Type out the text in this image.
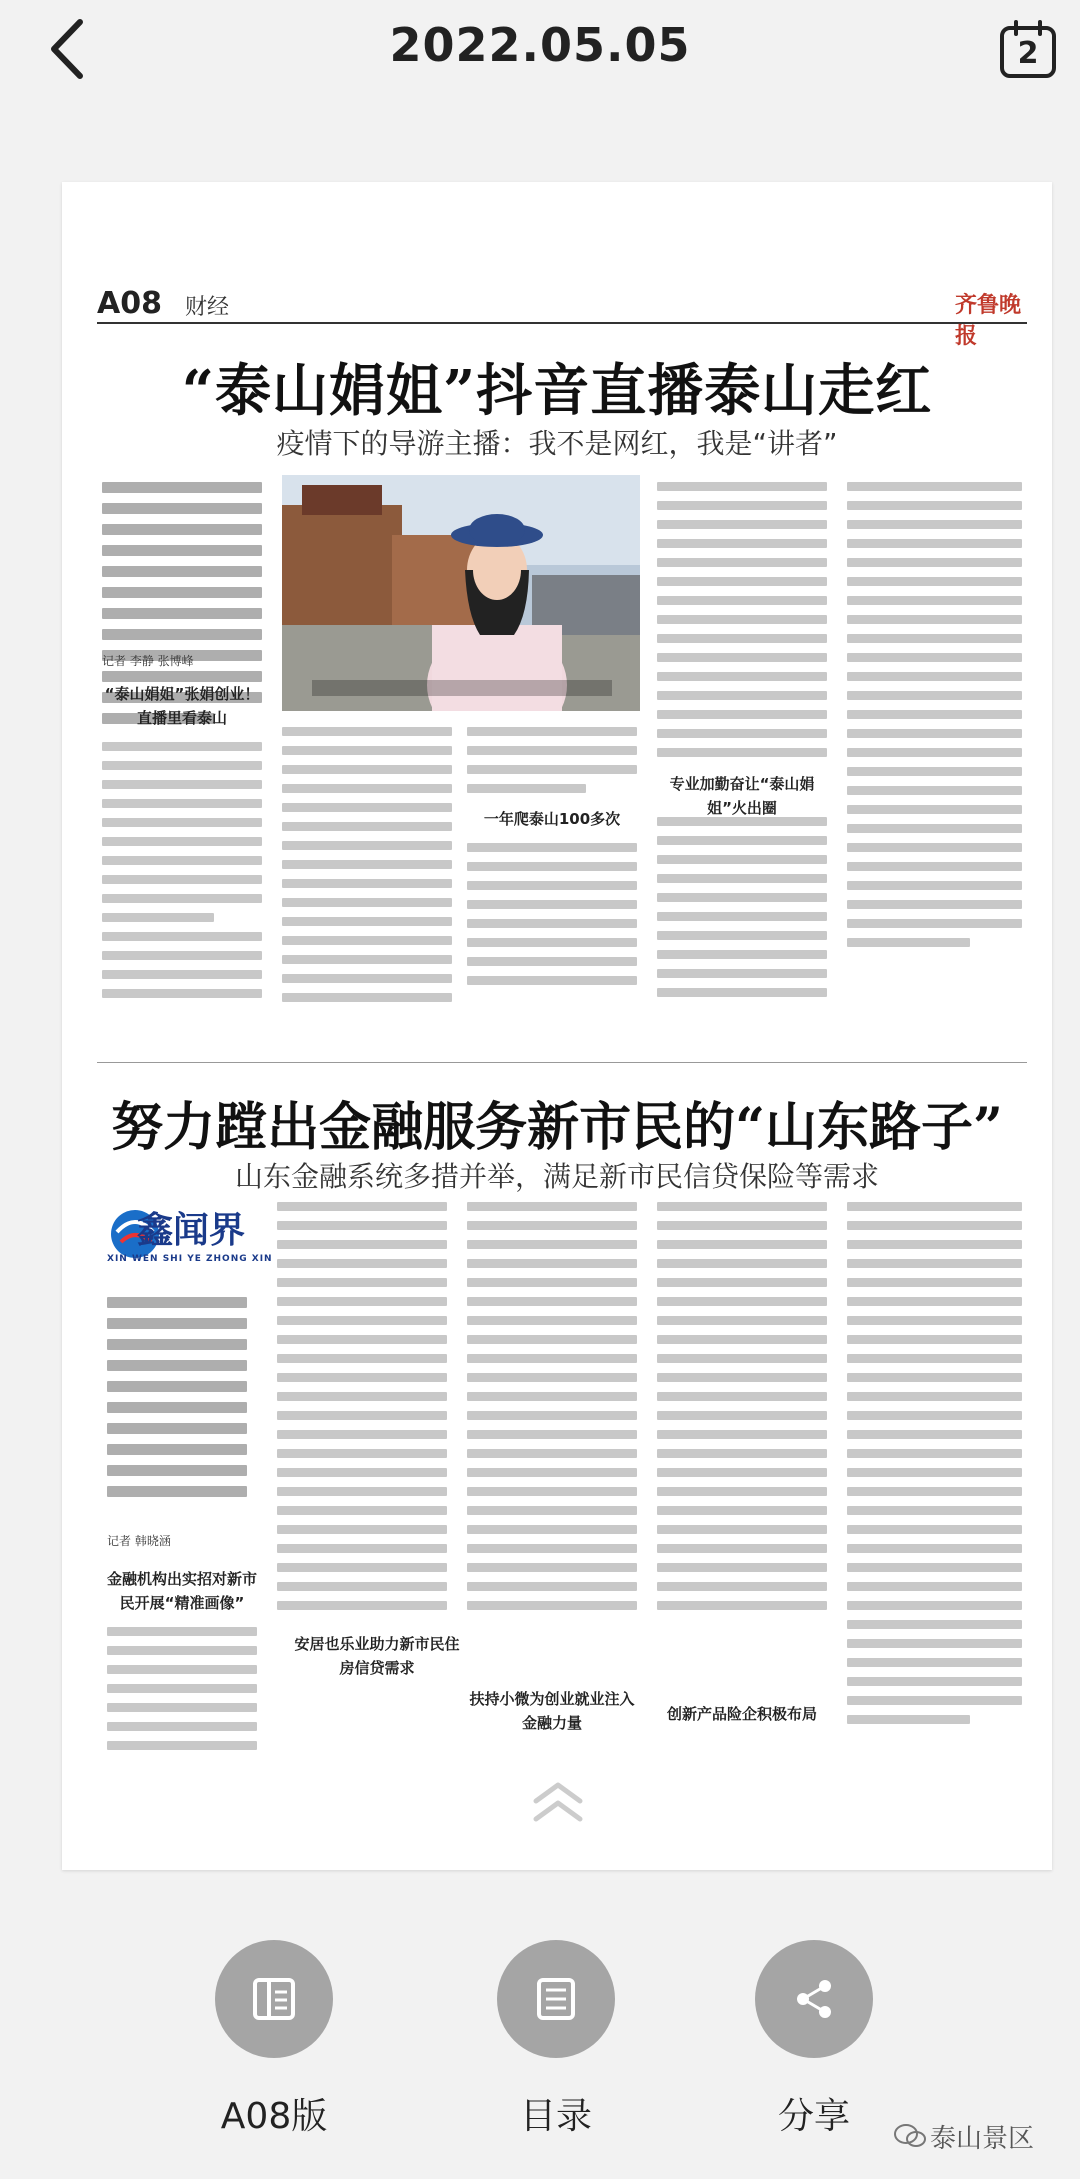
2022.05.05	2
A08 财经	齐鲁晚报
“泰山娟姐”抖音直播泰山走红
疫情下的导游主播：我不是网红，我是“讲者”
记者 李静 张博峰
“泰山娟姐”张娟创业！直播里看泰山
一年爬泰山100多次
专业加勤奋让“泰山娟姐”火出圈
努力蹚出金融服务新市民的“山东路子”
山东金融系统多措并举，满足新市民信贷保险等需求
鑫闻界
XIN WEN SHI YE ZHONG XIN
记者 韩晓涵
金融机构出实招对新市民开展“精准画像”
安居也乐业助力新市民住房信贷需求
扶持小微为创业就业注入金融力量	创新产品险企积极布局
A08版	目录	分享
泰山景区
